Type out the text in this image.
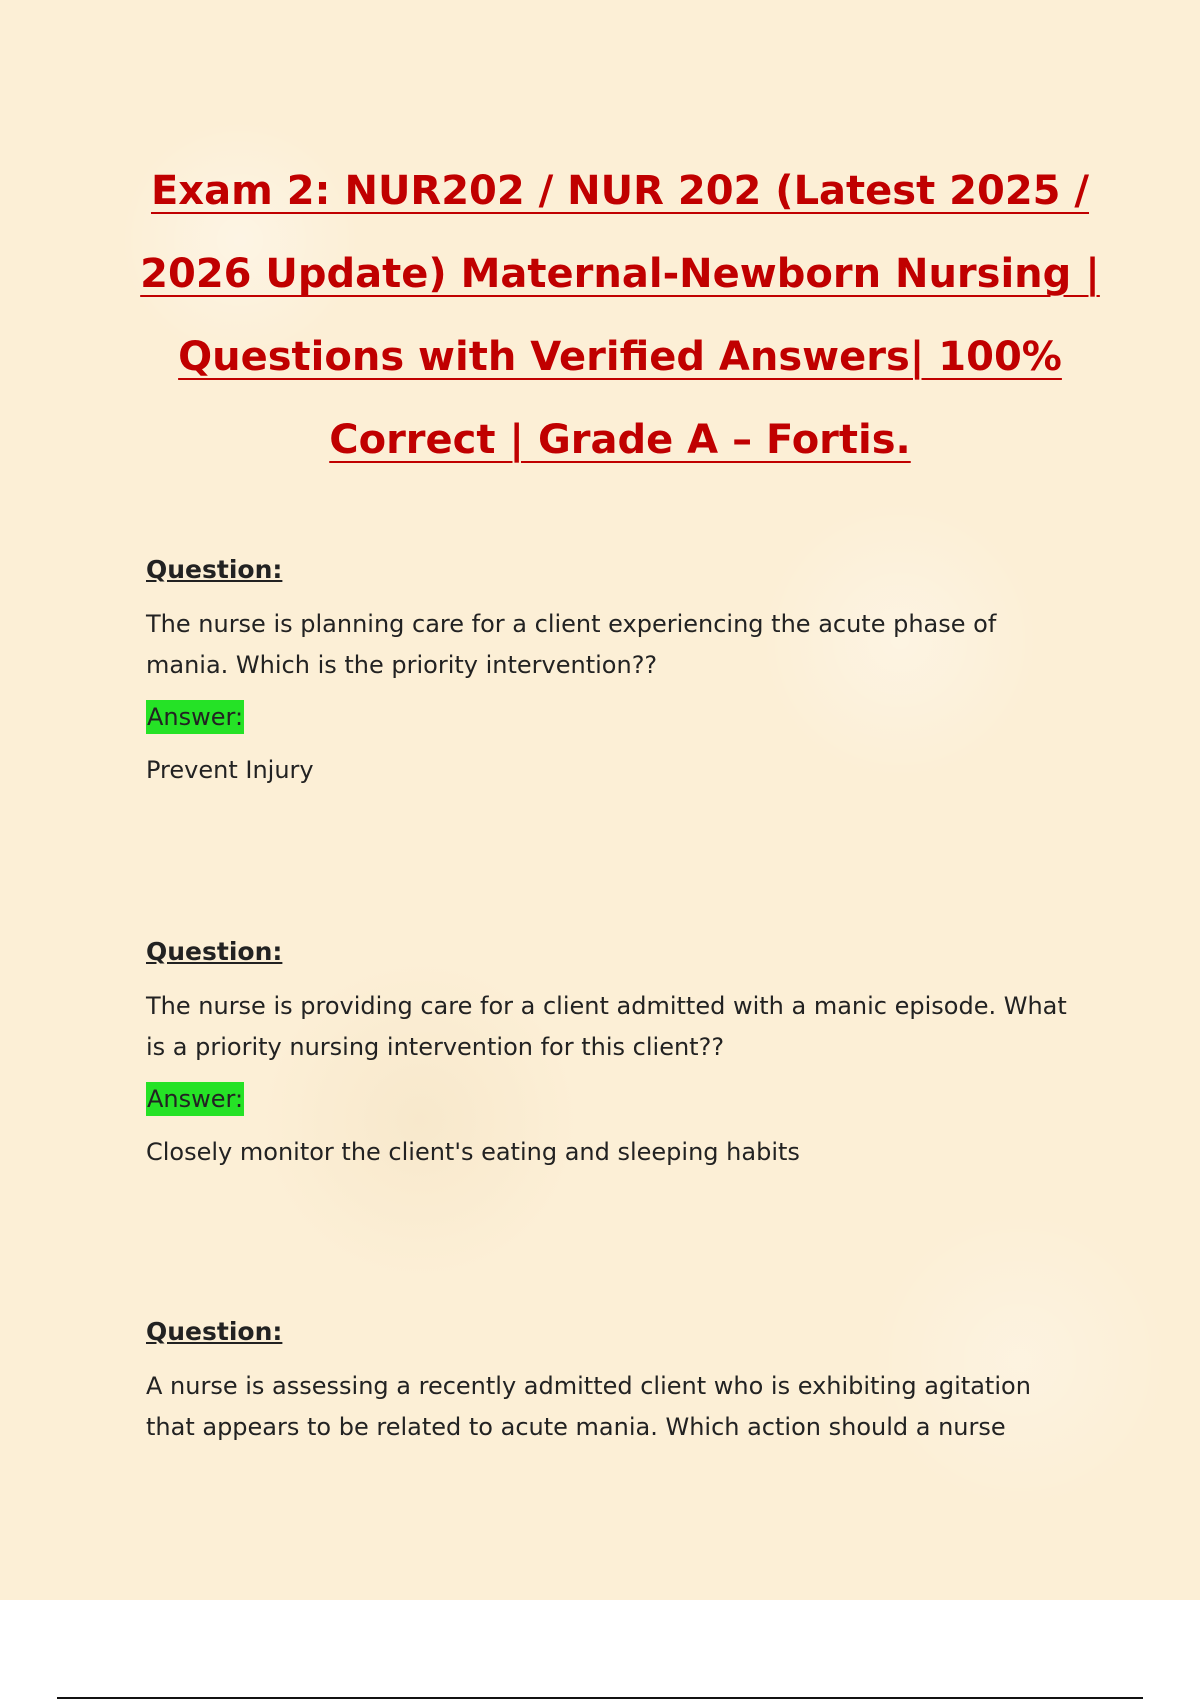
Exam 2: NUR202 / NUR 202 (Latest 2025 /
2026 Update) Maternal-Newborn Nursing |
Questions with Verified Answers| 100%
Correct | Grade A – Fortis.

Question:

The nurse is planning care for a client experiencing the acute phase of mania. Which is the priority intervention??

Answer:

Prevent Injury

Question:

The nurse is providing care for a client admitted with a manic episode. What is a priority nursing intervention for this client??

Answer:

Closely monitor the client's eating and sleeping habits

Question:

A nurse is assessing a recently admitted client who is exhibiting agitation that appears to be related to acute mania. Which action should a nurse
